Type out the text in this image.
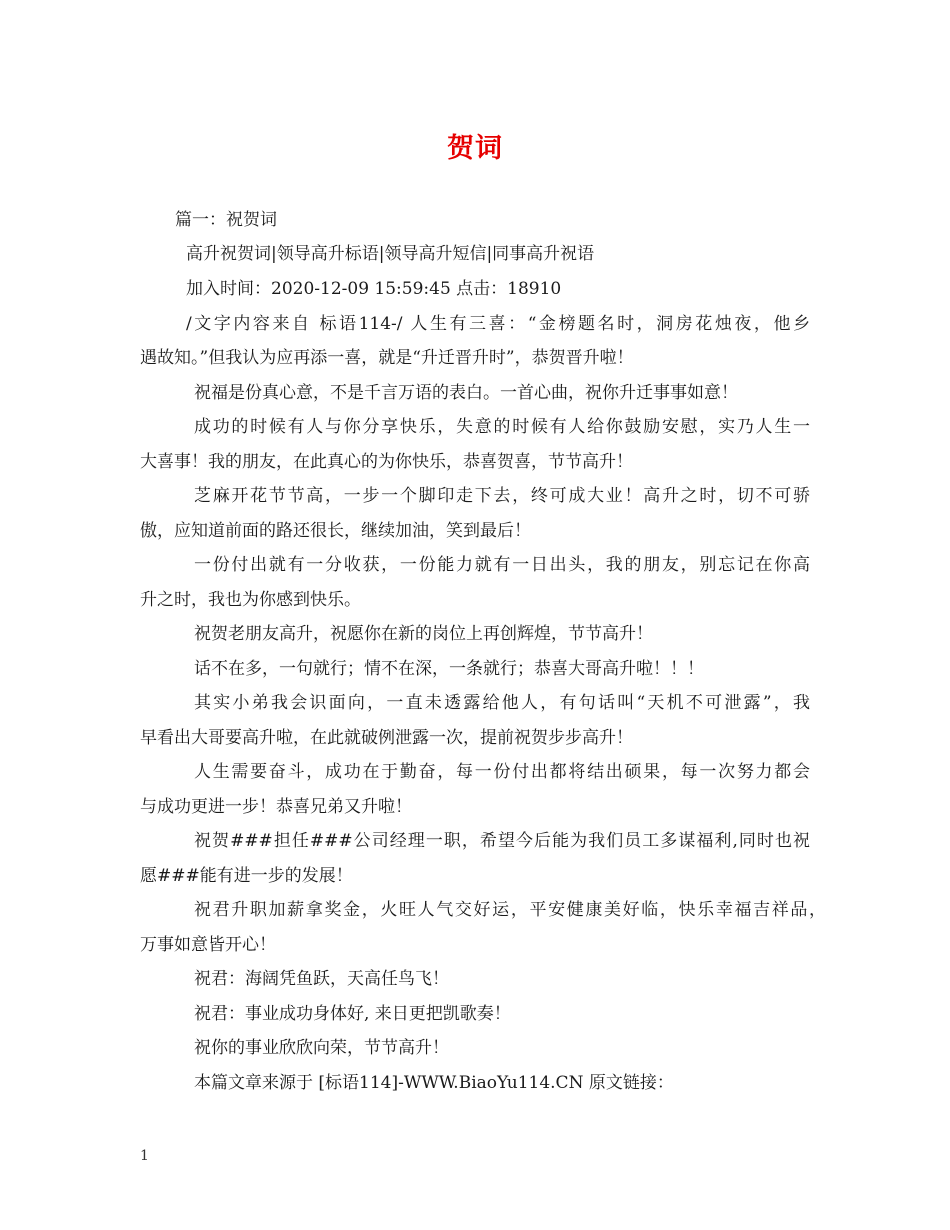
贺词
篇一：祝贺词
高升祝贺词|领导高升标语|领导高升短信|同事高升祝语
加入时间：2020-12-09 15:59:45 点击：18910
/文字内容来自 标语114-/ 人生有三喜：“金榜题名时，洞房花烛夜，他乡
遇故知。”但我认为应再添一喜，就是“升迁晋升时”，恭贺晋升啦！
祝福是份真心意，不是千言万语的表白。一首心曲，祝你升迁事事如意！
成功的时候有人与你分享快乐，失意的时候有人给你鼓励安慰，实乃人生一
大喜事！我的朋友，在此真心的为你快乐，恭喜贺喜，节节高升！
芝麻开花节节高，一步一个脚印走下去，终可成大业！高升之时，切不可骄
傲，应知道前面的路还很长，继续加油，笑到最后！
一份付出就有一分收获，一份能力就有一日出头，我的朋友，别忘记在你高
升之时，我也为你感到快乐。
祝贺老朋友高升，祝愿你在新的岗位上再创辉煌，节节高升！
话不在多，一句就行；情不在深，一条就行；恭喜大哥高升啦！！！
其实小弟我会识面向，一直未透露给他人，有句话叫“天机不可泄露”，我
早看出大哥要高升啦，在此就破例泄露一次，提前祝贺步步高升！
人生需要奋斗，成功在于勤奋，每一份付出都将结出硕果，每一次努力都会
与成功更进一步！恭喜兄弟又升啦！
祝贺###担任###公司经理一职，希望今后能为我们员工多谋福利,同时也祝
愿###能有进一步的发展！
祝君升职加薪拿奖金，火旺人气交好运，平安健康美好临，快乐幸福吉祥品，
万事如意皆开心！
祝君：海阔凭鱼跃，天高任鸟飞！
祝君：事业成功身体好, 来日更把凯歌奏！
祝你的事业欣欣向荣，节节高升！
本篇文章来源于 [标语114]-WWW.BiaoYu114.CN 原文链接：
1
